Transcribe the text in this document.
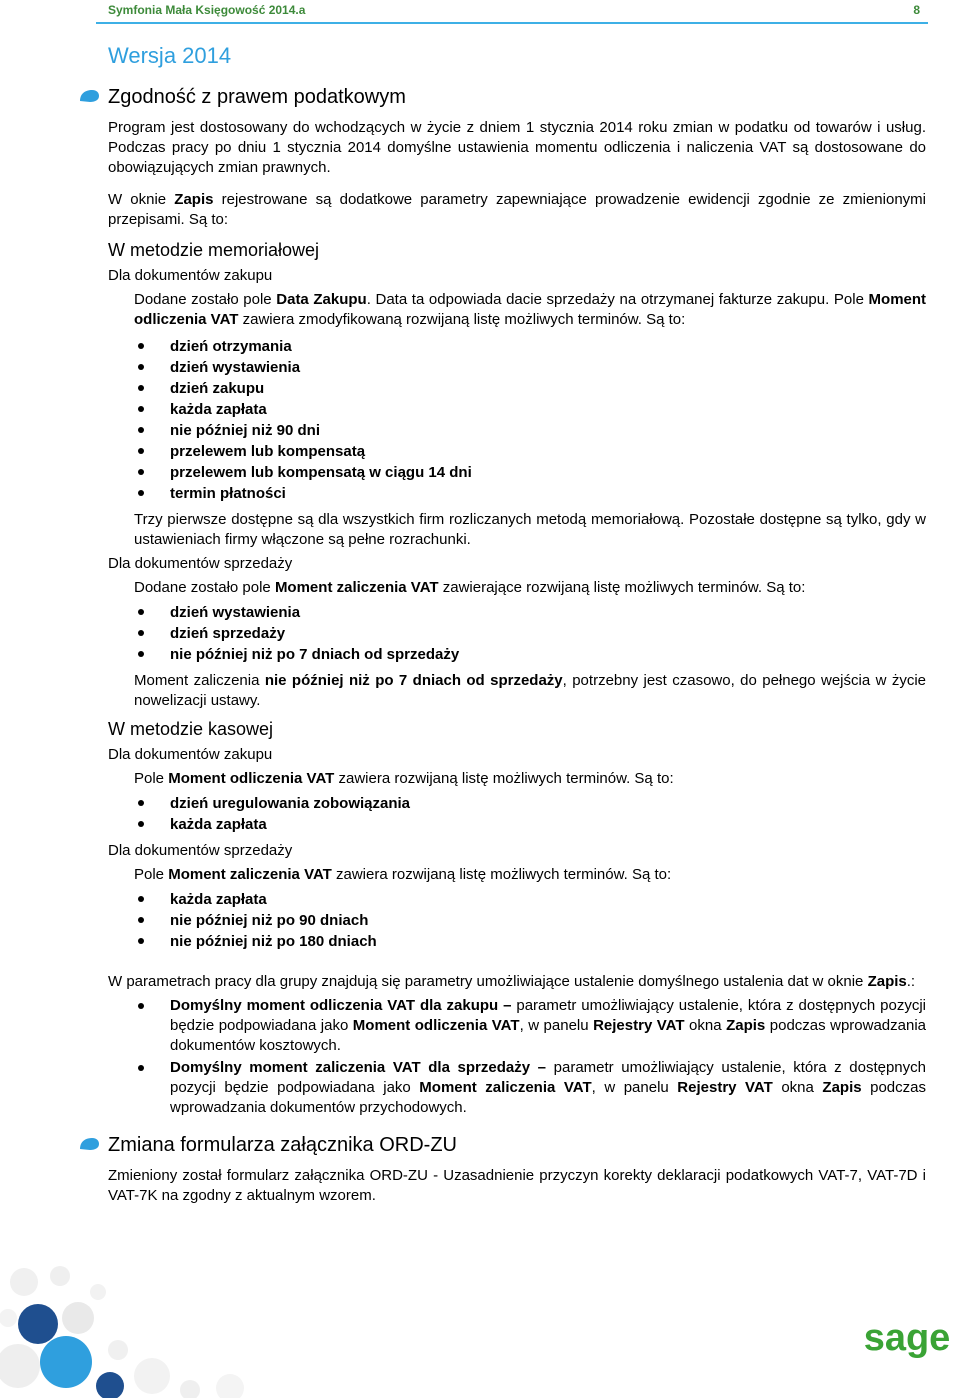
Symfonia Mała Księgowość 2014.a	8
Wersja 2014
Zgodność z prawem podatkowym

Program jest dostosowany do wchodzących w życie z dniem 1 stycznia 2014 roku zmian w podatku od towarów i usług. Podczas pracy po dniu 1 stycznia 2014 domyślne ustawienia momentu odliczenia i naliczenia VAT są dostosowane do obowiązujących zmian prawnych.

W oknie Zapis rejestrowane są dodatkowe parametry zapewniające prowadzenie ewidencji zgodnie ze zmienionymi przepisami. Są to:

W metodzie memoriałowej
Dla dokumentów zakupu

Dodane zostało pole Data Zakupu. Data ta odpowiada dacie sprzedaży na otrzymanej fakturze zakupu. Pole Moment odliczenia VAT zawiera zmodyfikowaną rozwijaną listę możliwych terminów. Są to:

dzień otrzymania
dzień wystawienia
dzień zakupu
każda zapłata
nie później niż 90 dni
przelewem lub kompensatą
przelewem lub kompensatą w ciągu 14 dni
termin płatności

Trzy pierwsze dostępne są dla wszystkich firm rozliczanych metodą memoriałową. Pozostałe dostępne są tylko, gdy w ustawieniach firmy włączone są pełne rozrachunki.

Dla dokumentów sprzedaży

Dodane zostało pole Moment zaliczenia VAT zawierające rozwijaną listę możliwych terminów. Są to:

dzień wystawienia
dzień sprzedaży
nie później niż po 7 dniach od sprzedaży

Moment zaliczenia nie później niż po 7 dniach od sprzedaży, potrzebny jest czasowo, do pełnego wejścia w życie nowelizacji ustawy.

W metodzie kasowej
Dla dokumentów zakupu

Pole Moment odliczenia VAT zawiera rozwijaną listę możliwych terminów. Są to:

dzień uregulowania zobowiązania
każda zapłata
Dla dokumentów sprzedaży

Pole Moment zaliczenia VAT zawiera rozwijaną listę możliwych terminów. Są to:

każda zapłata
nie później niż po 90 dniach
nie później niż po 180 dniach

W parametrach pracy dla grupy znajdują się parametry umożliwiające ustalenie domyślnego ustalenia dat w oknie Zapis.:

Domyślny moment odliczenia VAT dla zakupu – parametr umożliwiający ustalenie, która z dostępnych pozycji będzie podpowiadana jako Moment odliczenia VAT, w panelu Rejestry VAT okna Zapis podczas wprowadzania dokumentów kosztowych.
Domyślny moment zaliczenia VAT dla sprzedaży – parametr umożliwiający ustalenie, która z dostępnych pozycji będzie podpowiadana jako Moment zaliczenia VAT, w panelu Rejestry VAT okna Zapis podczas wprowadzania dokumentów przychodowych.
Zmiana formularza załącznika ORD-ZU

Zmieniony został formularz załącznika ORD-ZU - Uzasadnienie przyczyn korekty deklaracji podatkowych VAT-7, VAT-7D i VAT-7K na zgodny z aktualnym wzorem.

sage
